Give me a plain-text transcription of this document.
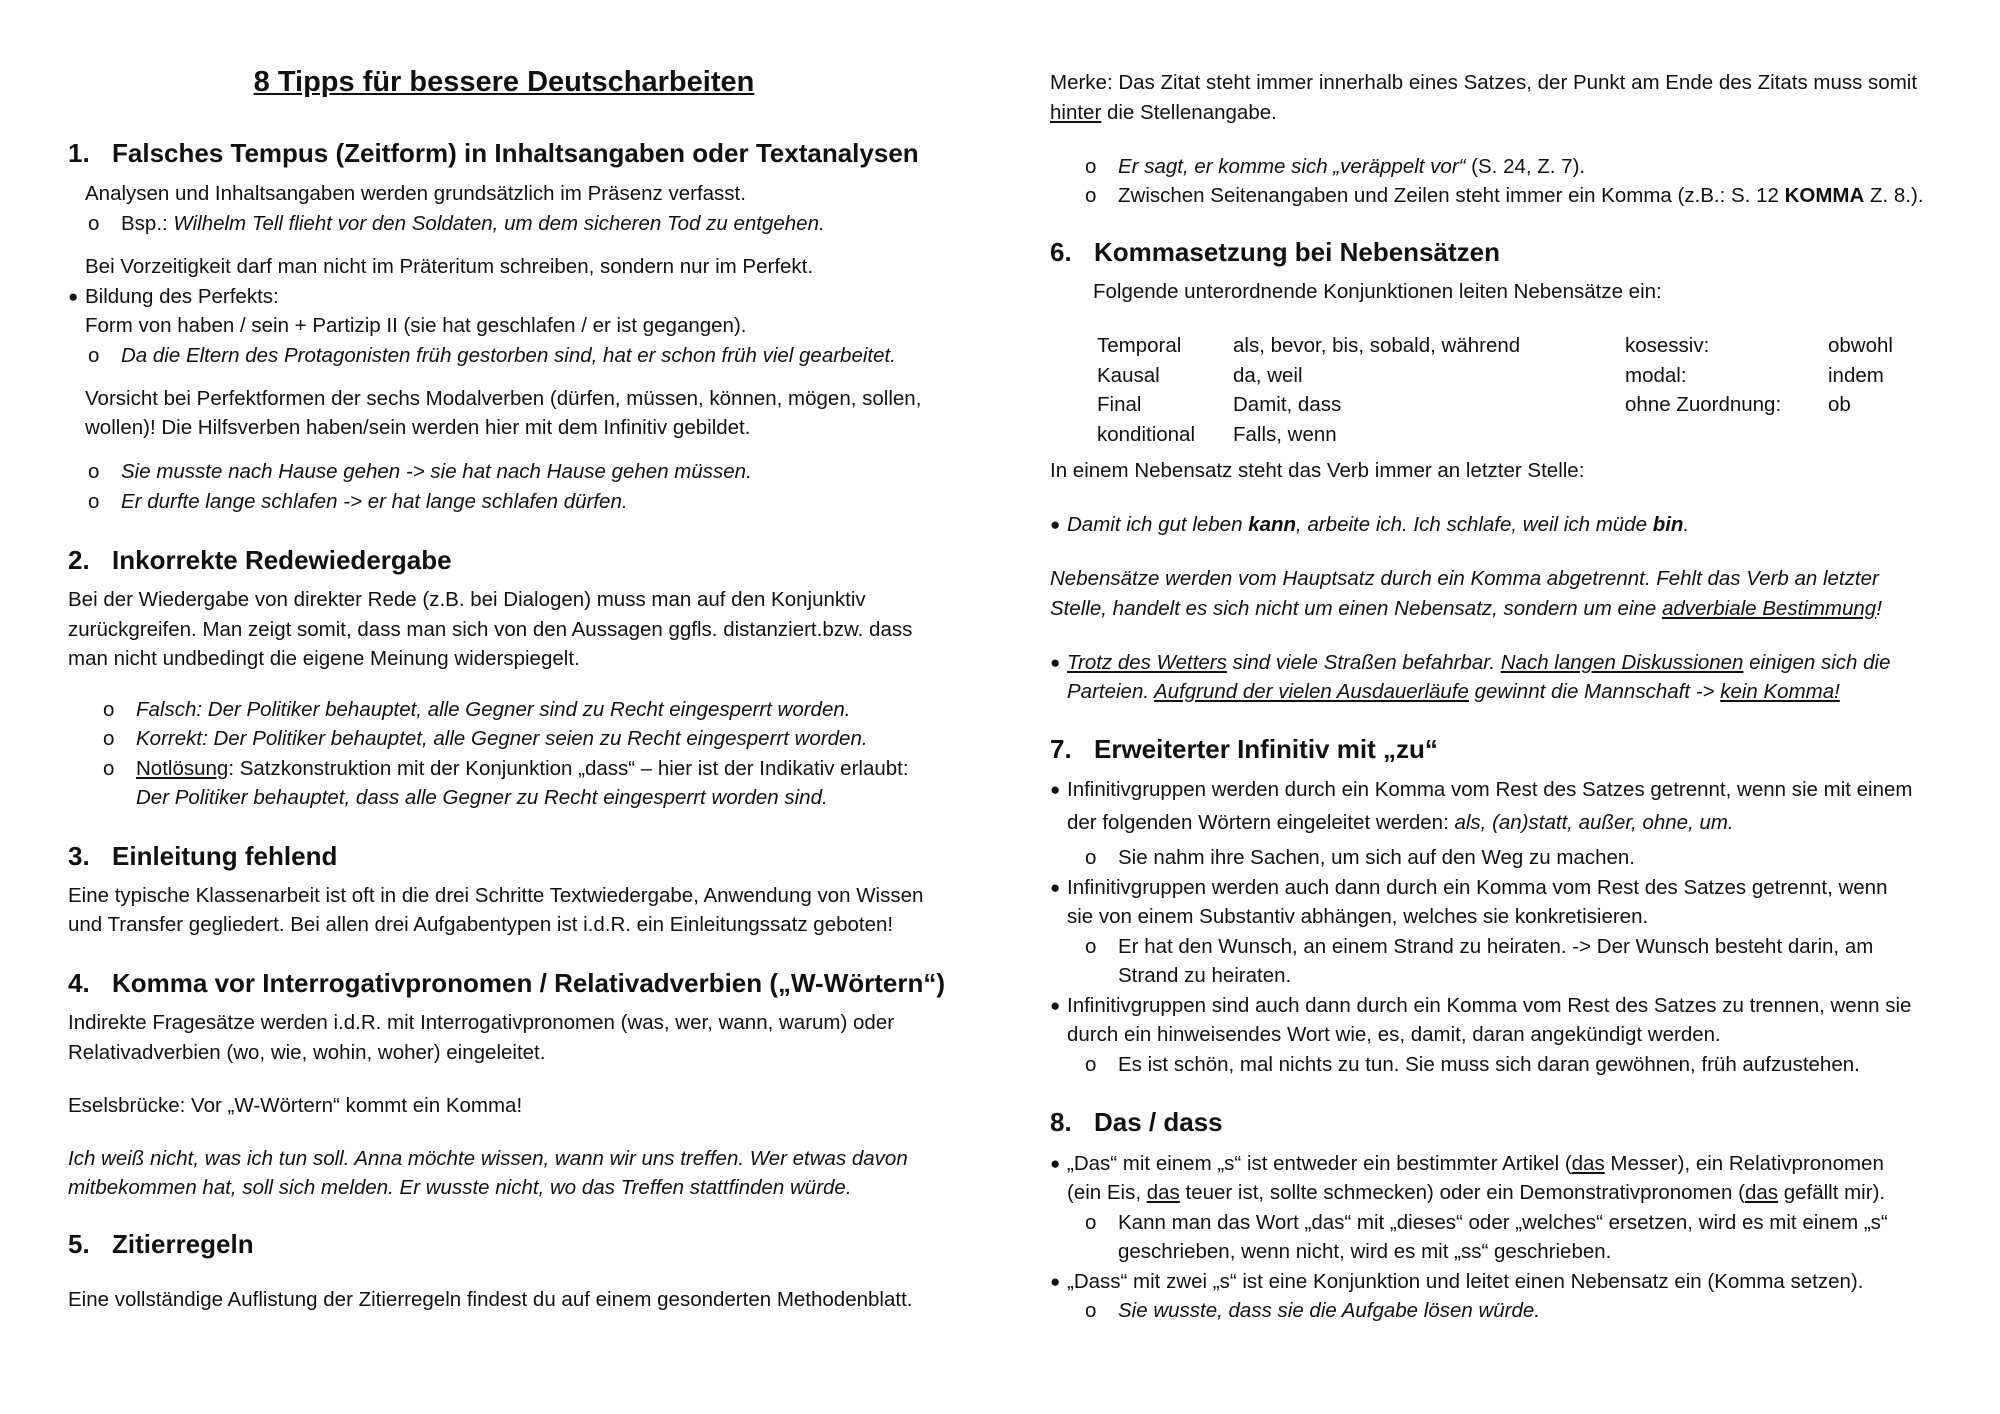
8 Tipps für bessere Deutscharbeiten
1. Falsches Tempus (Zeitform) in Inhaltsangaben oder Textanalysen
Analysen und Inhaltsangaben werden grundsätzlich im Präsenz verfasst.
o Bsp.: Wilhelm Tell flieht vor den Soldaten, um dem sicheren Tod zu entgehen.
Bei Vorzeitigkeit darf man nicht im Präteritum schreiben, sondern nur im Perfekt.
● Bildung des Perfekts:
Form von haben / sein + Partizip II (sie hat geschlafen / er ist gegangen).
o Da die Eltern des Protagonisten früh gestorben sind, hat er schon früh viel gearbeitet.
Vorsicht bei Perfektformen der sechs Modalverben (dürfen, müssen, können, mögen, sollen,
wollen)! Die Hilfsverben haben/sein werden hier mit dem Infinitiv gebildet.
o Sie musste nach Hause gehen -> sie hat nach Hause gehen müssen.
o Er durfte lange schlafen -> er hat lange schlafen dürfen.
2. Inkorrekte Redewiedergabe
Bei der Wiedergabe von direkter Rede (z.B. bei Dialogen) muss man auf den Konjunktiv
zurückgreifen. Man zeigt somit, dass man sich von den Aussagen ggfls. distanziert.bzw. dass
man nicht undbedingt die eigene Meinung widerspiegelt.
o Falsch: Der Politiker behauptet, alle Gegner sind zu Recht eingesperrt worden.
o Korrekt: Der Politiker behauptet, alle Gegner seien zu Recht eingesperrt worden.
o Notlösung: Satzkonstruktion mit der Konjunktion „dass“ – hier ist der Indikativ erlaubt:
Der Politiker behauptet, dass alle Gegner zu Recht eingesperrt worden sind.
3. Einleitung fehlend
Eine typische Klassenarbeit ist oft in die drei Schritte Textwiedergabe, Anwendung von Wissen
und Transfer gegliedert. Bei allen drei Aufgabentypen ist i.d.R. ein Einleitungssatz geboten!
4. Komma vor Interrogativpronomen / Relativadverbien („W-Wörtern“)
Indirekte Fragesätze werden i.d.R. mit Interrogativpronomen (was, wer, wann, warum) oder
Relativadverbien (wo, wie, wohin, woher) eingeleitet.
Eselsbrücke: Vor „W-Wörtern“ kommt ein Komma!
Ich weiß nicht, was ich tun soll. Anna möchte wissen, wann wir uns treffen. Wer etwas davon
mitbekommen hat, soll sich melden. Er wusste nicht, wo das Treffen stattfinden würde.
5. Zitierregeln
Eine vollständige Auflistung der Zitierregeln findest du auf einem gesonderten Methodenblatt.
Merke: Das Zitat steht immer innerhalb eines Satzes, der Punkt am Ende des Zitats muss somit
hinter die Stellenangabe.
o Er sagt, er komme sich „veräppelt vor“ (S. 24, Z. 7).
o Zwischen Seitenangaben und Zeilen steht immer ein Komma (z.B.: S. 12 KOMMA Z. 8.).
6. Kommasetzung bei Nebensätzen
Folgende unterordnende Konjunktionen leiten Nebensätze ein:
Temporal	als, bevor, bis, sobald, während	kosessiv:	obwohl
Kausal	da, weil	modal:	indem
Final	Damit, dass	ohne Zuordnung: ob
konditional Falls, wenn
In einem Nebensatz steht das Verb immer an letzter Stelle:
● Damit ich gut leben kann, arbeite ich. Ich schlafe, weil ich müde bin.
Nebensätze werden vom Hauptsatz durch ein Komma abgetrennt. Fehlt das Verb an letzter
Stelle, handelt es sich nicht um einen Nebensatz, sondern um eine adverbiale Bestimmung!
● Trotz des Wetters sind viele Straßen befahrbar. Nach langen Diskussionen einigen sich die
Parteien. Aufgrund der vielen Ausdauerläufe gewinnt die Mannschaft -> kein Komma!
7. Erweiterter Infinitiv mit „zu“
● Infinitivgruppen werden durch ein Komma vom Rest des Satzes getrennt, wenn sie mit einem
der folgenden Wörtern eingeleitet werden: als, (an)statt, außer, ohne, um.
o Sie nahm ihre Sachen, um sich auf den Weg zu machen.
● Infinitivgruppen werden auch dann durch ein Komma vom Rest des Satzes getrennt, wenn
sie von einem Substantiv abhängen, welches sie konkretisieren.
o Er hat den Wunsch, an einem Strand zu heiraten. -> Der Wunsch besteht darin, am
Strand zu heiraten.
● Infinitivgruppen sind auch dann durch ein Komma vom Rest des Satzes zu trennen, wenn sie
durch ein hinweisendes Wort wie, es, damit, daran angekündigt werden.
o Es ist schön, mal nichts zu tun. Sie muss sich daran gewöhnen, früh aufzustehen.
8. Das / dass
● „Das“ mit einem „s“ ist entweder ein bestimmter Artikel (das Messer), ein Relativpronomen
(ein Eis, das teuer ist, sollte schmecken) oder ein Demonstrativpronomen (das gefällt mir).
o Kann man das Wort „das“ mit „dieses“ oder „welches“ ersetzen, wird es mit einem „s“
geschrieben, wenn nicht, wird es mit „ss“ geschrieben.
● „Dass“ mit zwei „s“ ist eine Konjunktion und leitet einen Nebensatz ein (Komma setzen).
o Sie wusste, dass sie die Aufgabe lösen würde.
